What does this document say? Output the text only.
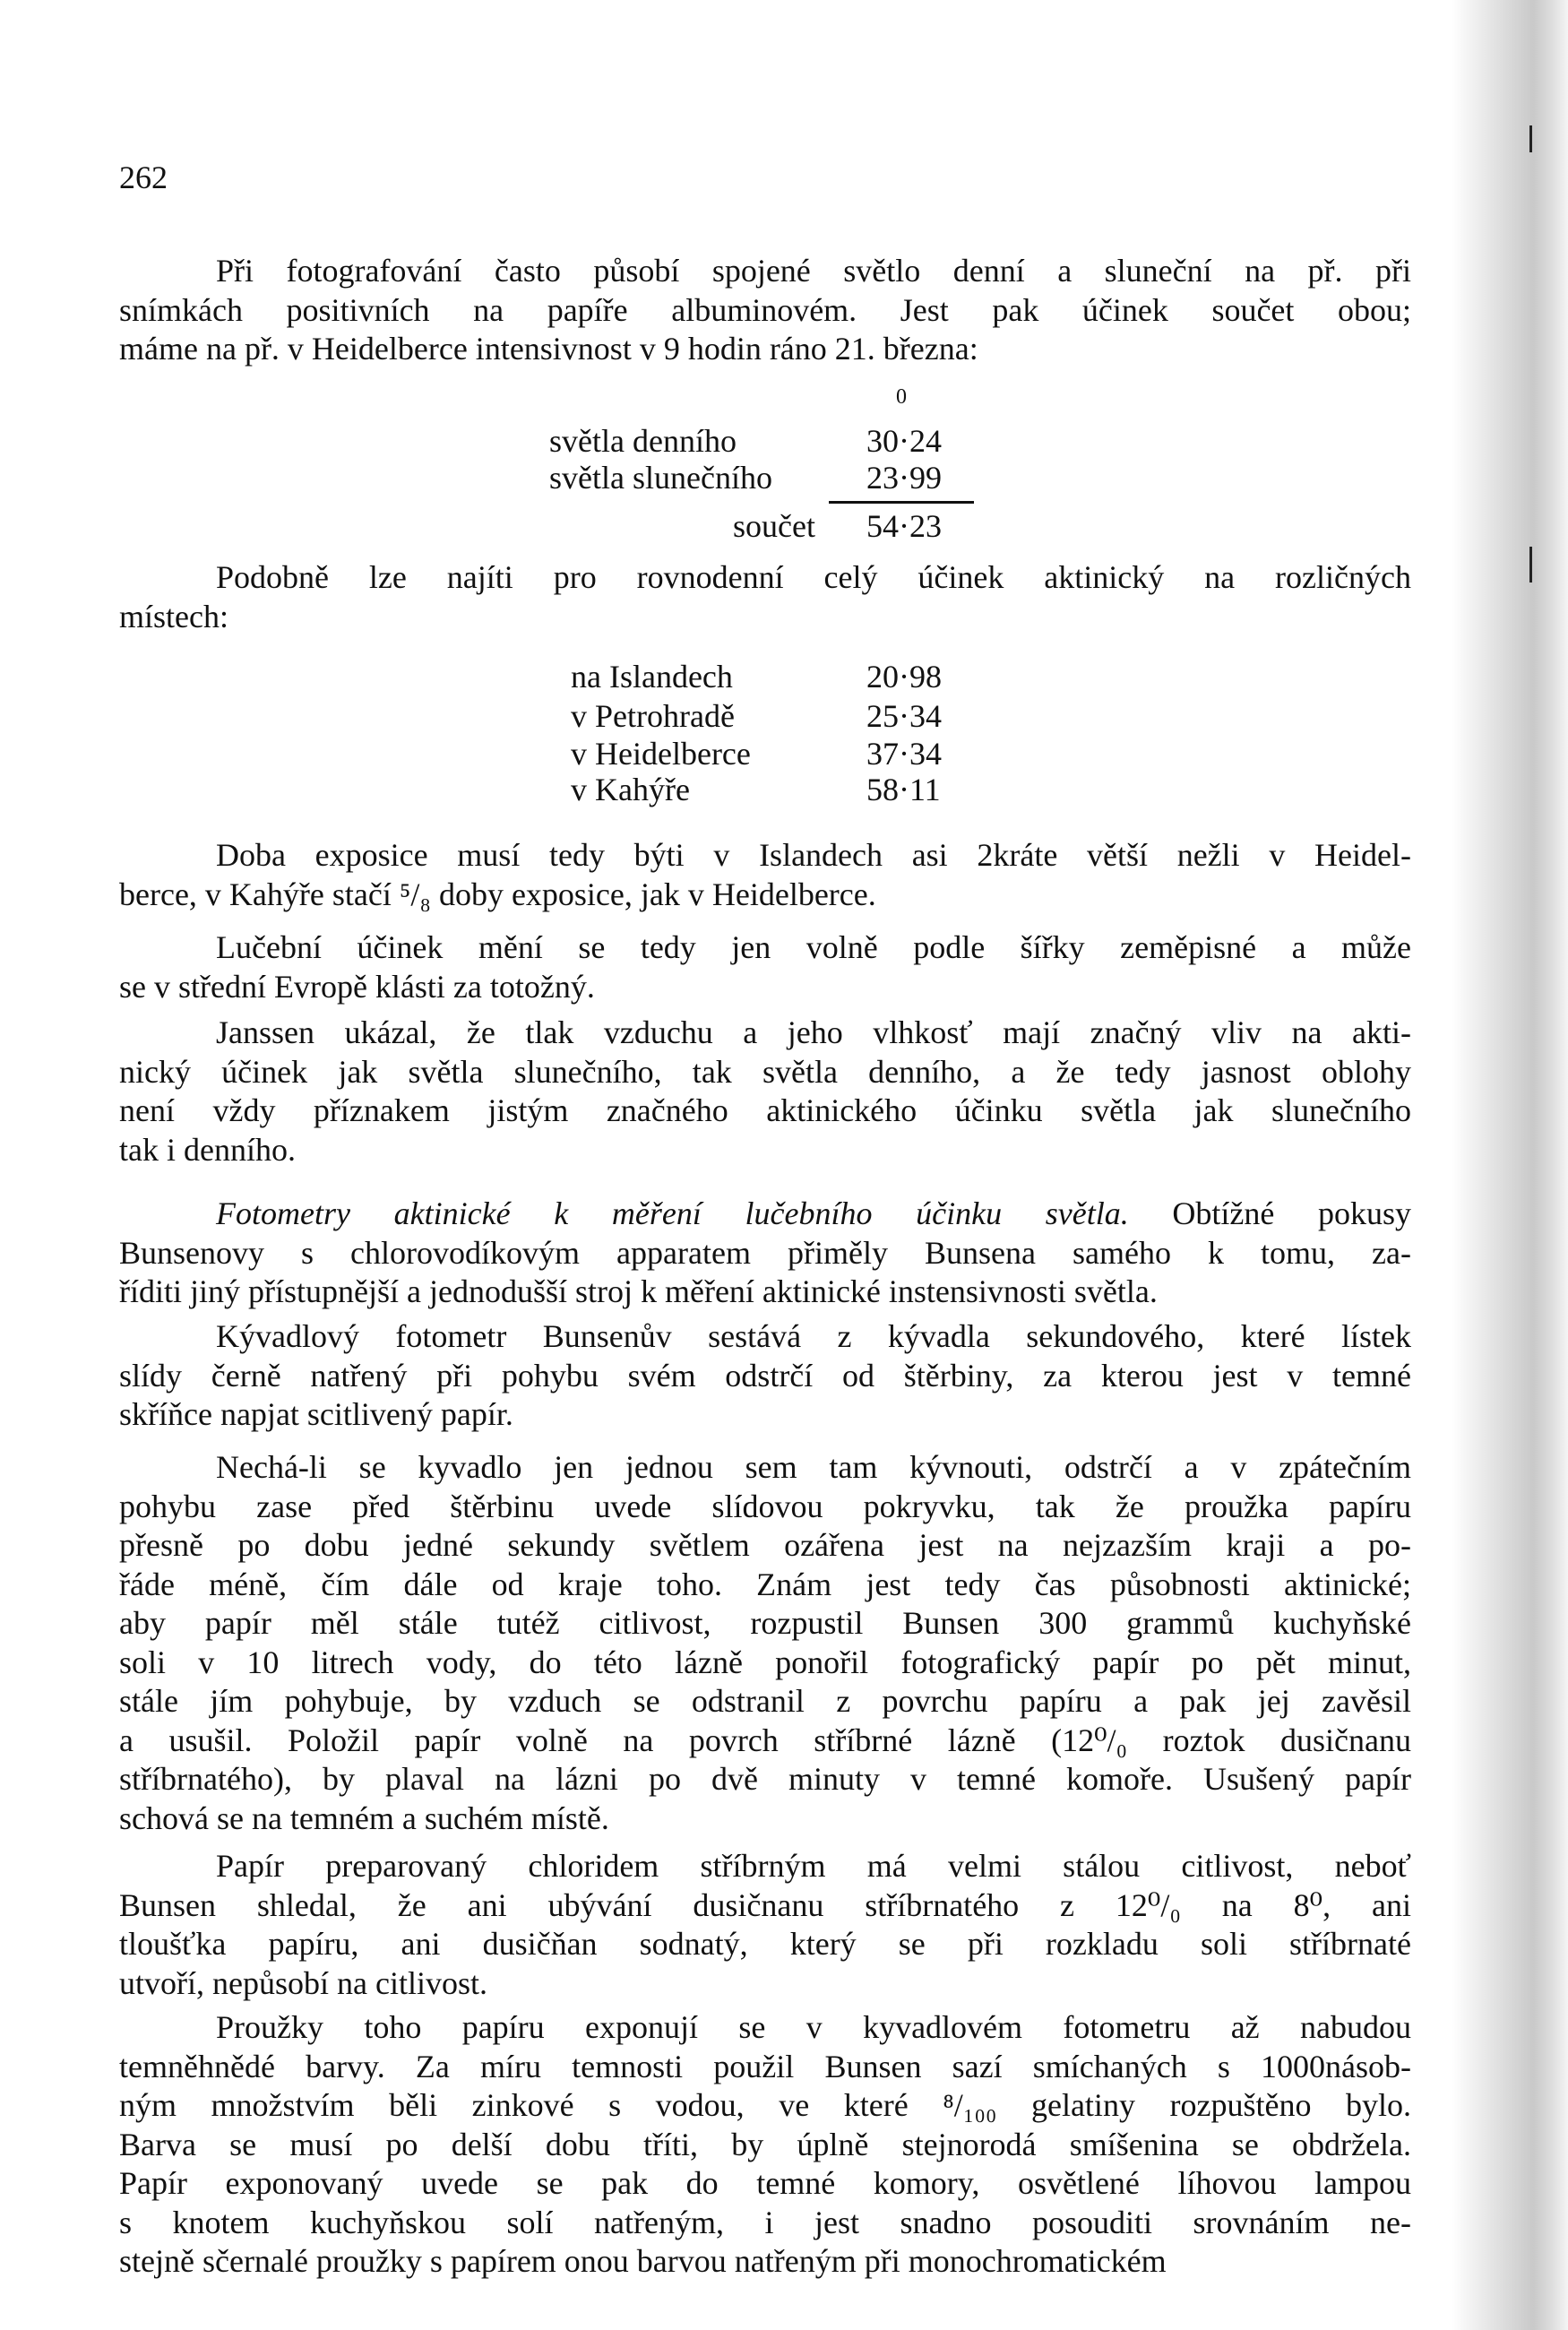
262
Při fotografování často působí spojené světlo denní a sluneční na př. při
snímkách positivních na papíře albuminovém. Jest pak účinek součet obou;
máme na př. v Heidelberce intensivnost v 9 hodin ráno 21. března:
Podobně lze najíti pro rovnodenní celý účinek aktinický na rozličných
místech:
Doba exposice musí tedy býti v Islandech asi 2kráte větší nežli v Heidel-
berce, v Kahýře stačí ⁵/₈ doby exposice, jak v Heidelberce.
Lučební účinek mění se tedy jen volně podle šířky zeměpisné a může
se v střední Evropě klásti za totožný.
Janssen ukázal, že tlak vzduchu a jeho vlhkosť mají značný vliv na akti-
nický účinek jak světla slunečního, tak světla denního, a že tedy jasnost oblohy
není vždy příznakem jistým značného aktinického účinku světla jak slunečního
tak i denního.
Fotometry aktinické k měření lučebního účinku světla. Obtížné pokusy
Bunsenovy s chlorovodíkovým apparatem přiměly Bunsena samého k tomu, za-
říditi jiný přístupnější a jednodušší stroj k měření aktinické instensivnosti světla.
Kývadlový fotometr Bunsenův sestává z kývadla sekundového, které lístek
slídy černě natřený při pohybu svém odstrčí od štěrbiny, za kterou jest v temné
skříňce napjat scitlivený papír.
Nechá-li se kyvadlo jen jednou sem tam kývnouti, odstrčí a v zpátečním
pohybu zase před štěrbinu uvede slídovou pokryvku, tak že proužka papíru
přesně po dobu jedné sekundy světlem ozářena jest na nejzazším kraji a po-
řáde méně, čím dále od kraje toho. Znám jest tedy čas působnosti aktinické;
aby papír měl stále tutéž citlivost, rozpustil Bunsen 300 grammů kuchyňské
soli v 10 litrech vody, do této lázně ponořil fotografický papír po pět minut,
stále jím pohybuje, by vzduch se odstranil z povrchu papíru a pak jej zavěsil
a usušil. Položil papír volně na povrch stříbrné lázně (12⁰/₀ roztok dusičnanu
stříbrnatého), by plaval na lázni po dvě minuty v temné komoře. Usušený papír
schová se na temném a suchém místě.
Papír preparovaný chloridem stříbrným má velmi stálou citlivost, neboť
Bunsen shledal, že ani ubývání dusičnanu stříbrnatého z 12⁰/₀ na 8⁰, ani
tloušťka papíru, ani dusičňan sodnatý, který se při rozkladu soli stříbrnaté
utvoří, nepůsobí na citlivost.
Proužky toho papíru exponují se v kyvadlovém fotometru až nabudou
temněhnědé barvy. Za míru temnosti použil Bunsen sazí smíchaných s 1000násob-
ným množstvím běli zinkové s vodou, ve které ⁸/₁₀₀ gelatiny rozpuštěno bylo.
Barva se musí po delší dobu tříti, by úplně stejnorodá smíšenina se obdržela.
Papír exponovaný uvede se pak do temné komory, osvětlené líhovou lampou
s knotem kuchyňskou solí natřeným, i jest snadno posouditi srovnáním ne-
stejně sčernalé proužky s papírem onou barvou natřeným při monochromatickém
0
světla denního	30·24
světla slunečního	23·99
součet 54·23
na Islandech	20·98
v Petrohradě	25·34
v Heidelberce	37·34
v Kahýře	58·11
